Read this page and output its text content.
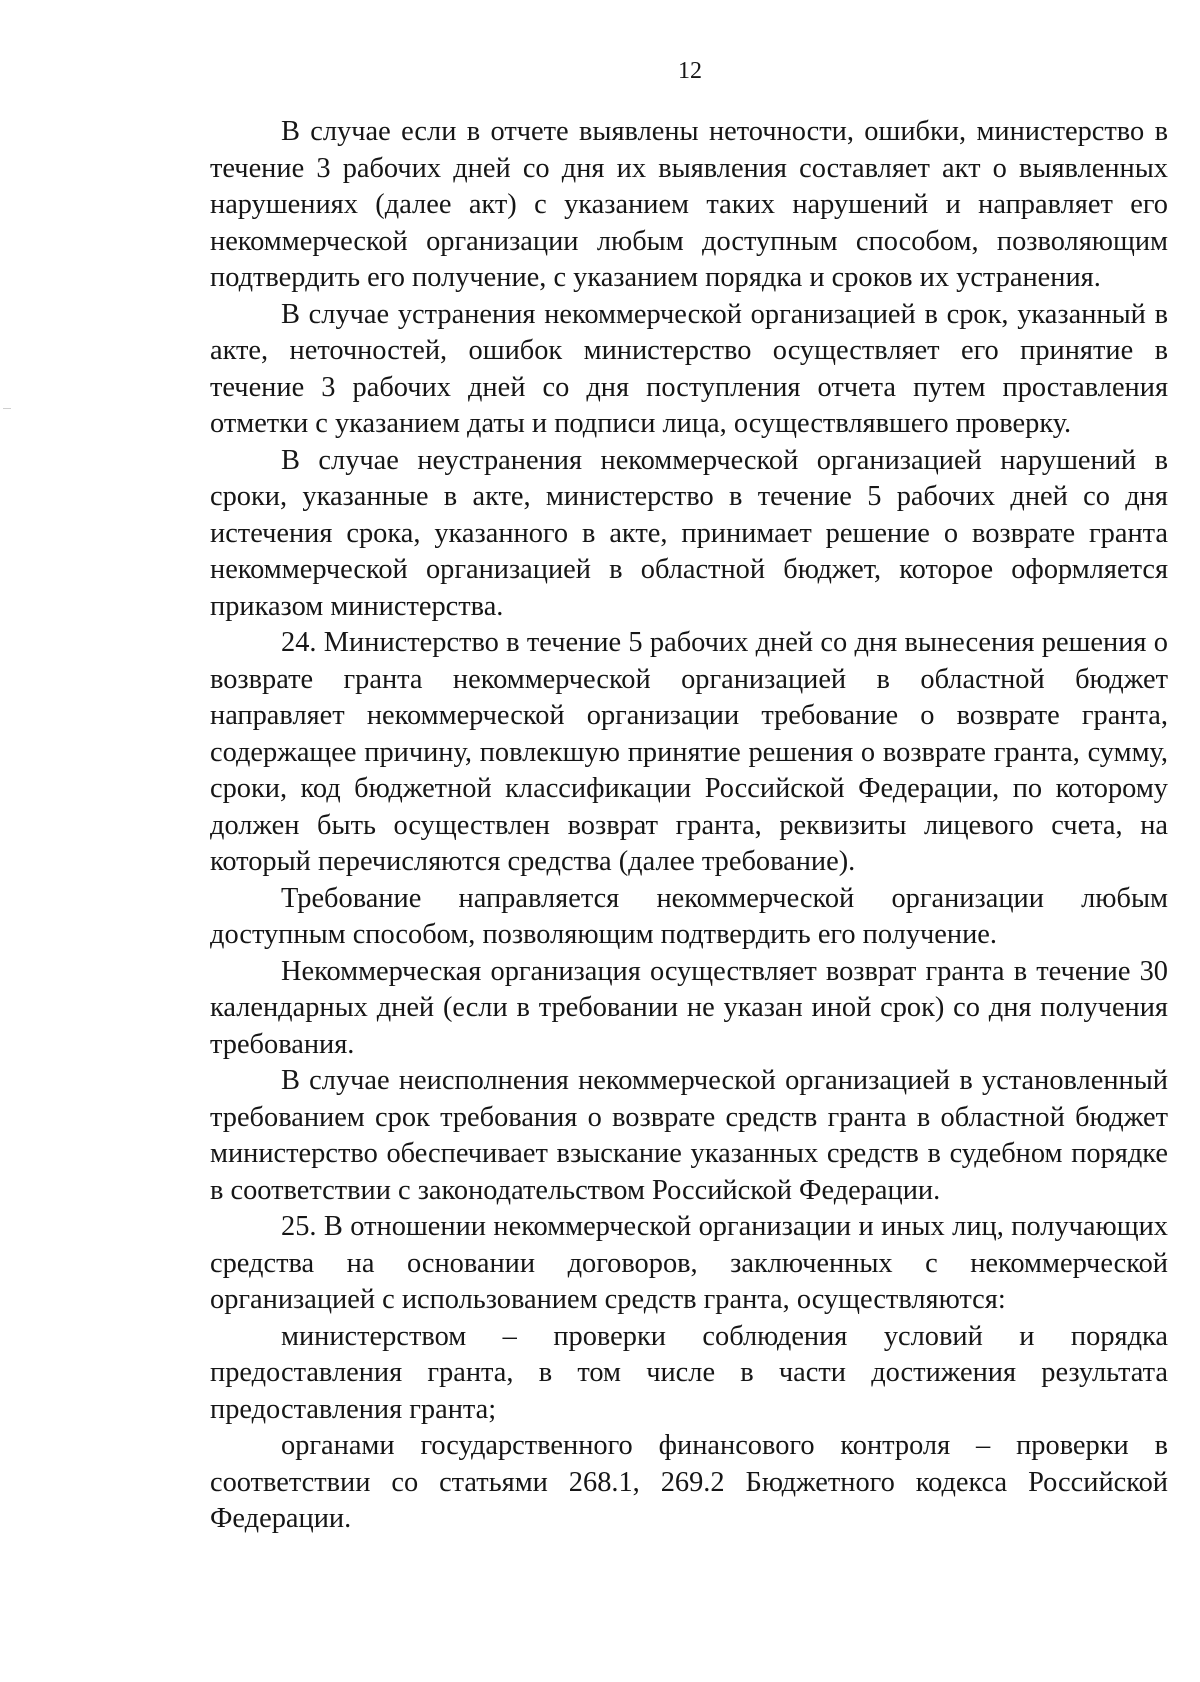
12

В случае если в отчете выявлены неточности, ошибки, министерство в течение 3 рабочих дней со дня их выявления составляет акт о выявленных нарушениях (далее акт) с указанием таких нарушений и направляет его некоммерческой организации любым доступным способом, позволяющим подтвердить его получение, с указанием порядка и сроков их устранения.

В случае устранения некоммерческой организацией в срок, указанный в акте, неточностей, ошибок министерство осуществляет его принятие в течение 3 рабочих дней со дня поступления отчета путем проставления отметки с указанием даты и подписи лица, осуществлявшего проверку.

В случае неустранения некоммерческой организацией нарушений в сроки, указанные в акте, министерство в течение 5 рабочих дней со дня истечения срока, указанного в акте, принимает решение о возврате гранта некоммерческой организацией в областной бюджет, которое оформляется приказом министерства.

24. Министерство в течение 5 рабочих дней со дня вынесения решения о возврате гранта некоммерческой организацией в областной бюджет направляет некоммерческой организации требование о возврате гранта, содержащее причину, повлекшую принятие решения о возврате гранта, сумму, сроки, код бюджетной классификации Российской Федерации, по которому должен быть осуществлен возврат гранта, реквизиты лицевого счета, на который перечисляются средства (далее требование).

Требование направляется некоммерческой организации любым доступным способом, позволяющим подтвердить его получение.

Некоммерческая организация осуществляет возврат гранта в течение 30 календарных дней (если в требовании не указан иной срок) со дня получения требования.

В случае неисполнения некоммерческой организацией в установленный требованием срок требования о возврате средств гранта в областной бюджет министерство обеспечивает взыскание указанных средств в судебном порядке в соответствии с законодательством Российской Федерации.

25. В отношении некоммерческой организации и иных лиц, получающих средства на основании договоров, заключенных с некоммерческой организацией с использованием средств гранта, осуществляются:

министерством – проверки соблюдения условий и порядка предоставления гранта, в том числе в части достижения результата предоставления гранта;

органами государственного финансового контроля – проверки в соответствии со статьями 268.1, 269.2 Бюджетного кодекса Российской Федерации.
